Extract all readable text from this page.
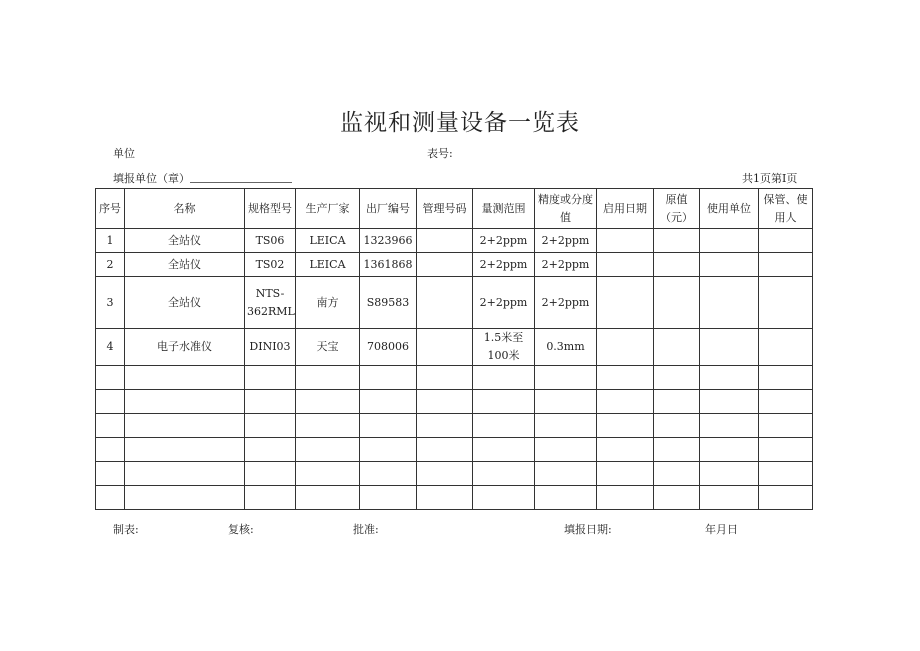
监视和测量设备一览表
单位	表号:
填报单位（章）	共1页第I页
序号	名称	规格型号	生产厂家	出厂编号	管理号码	量测范围	精度或分度值	启用日期	原值（元）	使用单位	保管、使用人
1	全站仪	TS06	LEICA	1323966		2+2ppm	2+2ppm				
2	全站仪	TS02	LEICA	1361868		2+2ppm	2+2ppm				
3	全站仪	NTS-362RML	南方	S89583		2+2ppm	2+2ppm				
4	电子水准仪	DINI03	天宝	708006		1.5米至100米	0.3mm				

制表:	复核:	批准:	填报日期:	年月日
